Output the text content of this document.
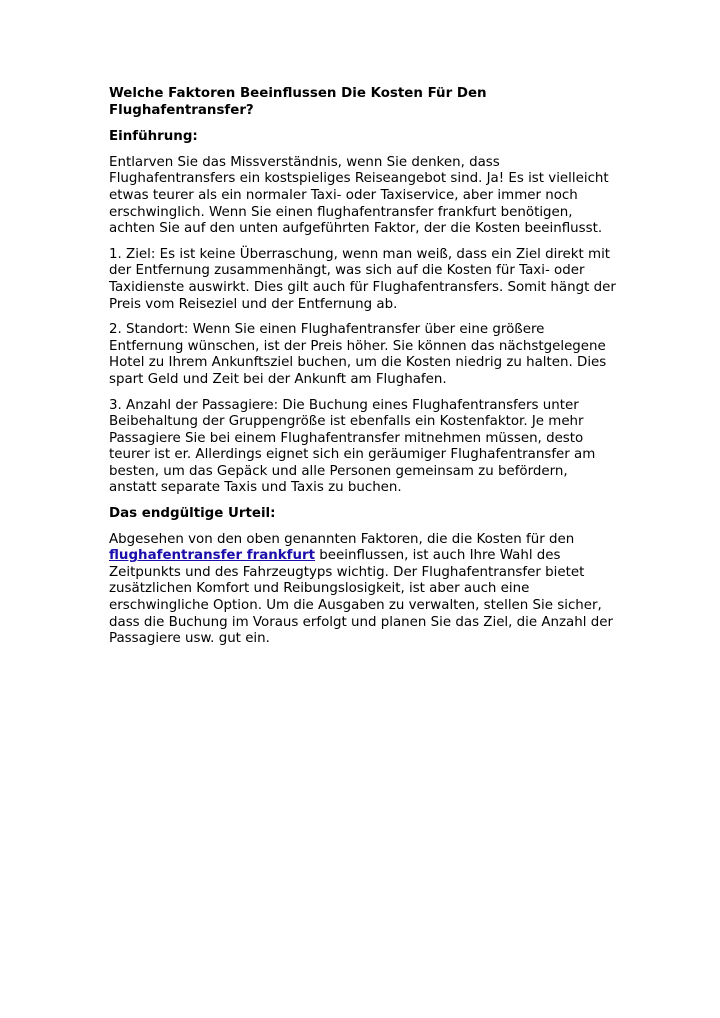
Welche Faktoren Beeinflussen Die Kosten Für Den Flughafentransfer?
Einführung:
Entlarven Sie das Missverständnis, wenn Sie denken, dass Flughafentransfers ein kostspieliges Reiseangebot sind. Ja! Es ist vielleicht etwas teurer als ein normaler Taxi- oder Taxiservice, aber immer noch erschwinglich. Wenn Sie einen flughafentransfer frankfurt benötigen, achten Sie auf den unten aufgeführten Faktor, der die Kosten beeinflusst.
1. Ziel: Es ist keine Überraschung, wenn man weiß, dass ein Ziel direkt mit der Entfernung zusammenhängt, was sich auf die Kosten für Taxi- oder Taxidienste auswirkt. Dies gilt auch für Flughafentransfers. Somit hängt der Preis vom Reiseziel und der Entfernung ab.
2. Standort: Wenn Sie einen Flughafentransfer über eine größere Entfernung wünschen, ist der Preis höher. Sie können das nächstgelegene Hotel zu Ihrem Ankunftsziel buchen, um die Kosten niedrig zu halten. Dies spart Geld und Zeit bei der Ankunft am Flughafen.
3. Anzahl der Passagiere: Die Buchung eines Flughafentransfers unter Beibehaltung der Gruppengröße ist ebenfalls ein Kostenfaktor. Je mehr Passagiere Sie bei einem Flughafentransfer mitnehmen müssen, desto teurer ist er. Allerdings eignet sich ein geräumiger Flughafentransfer am besten, um das Gepäck und alle Personen gemeinsam zu befördern, anstatt separate Taxis und Taxis zu buchen.
Das endgültige Urteil:
Abgesehen von den oben genannten Faktoren, die die Kosten für den flughafentransfer frankfurt beeinflussen, ist auch Ihre Wahl des Zeitpunkts und des Fahrzeugtyps wichtig. Der Flughafentransfer bietet zusätzlichen Komfort und Reibungslosigkeit, ist aber auch eine erschwingliche Option. Um die Ausgaben zu verwalten, stellen Sie sicher, dass die Buchung im Voraus erfolgt und planen Sie das Ziel, die Anzahl der Passagiere usw. gut ein.
